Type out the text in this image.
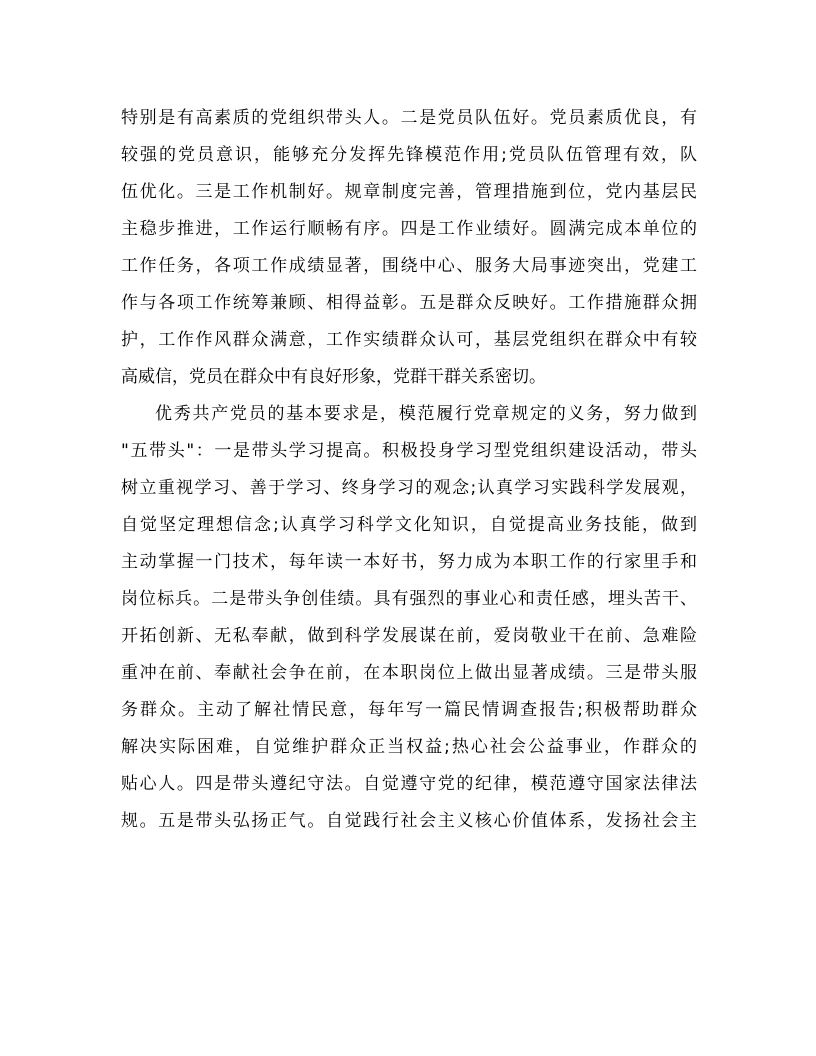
特别是有高素质的党组织带头人。二是党员队伍好。党员素质优良，有
较强的党员意识，能够充分发挥先锋模范作用;党员队伍管理有效，队
伍优化。三是工作机制好。规章制度完善，管理措施到位，党内基层民
主稳步推进，工作运行顺畅有序。四是工作业绩好。圆满完成本单位的
工作任务，各项工作成绩显著，围绕中心、服务大局事迹突出，党建工
作与各项工作统筹兼顾、相得益彰。五是群众反映好。工作措施群众拥
护，工作作风群众满意，工作实绩群众认可，基层党组织在群众中有较
高威信，党员在群众中有良好形象，党群干群关系密切。
优秀共产党员的基本要求是，模范履行党章规定的义务，努力做到
"五带头"：一是带头学习提高。积极投身学习型党组织建设活动，带头
树立重视学习、善于学习、终身学习的观念;认真学习实践科学发展观，
自觉坚定理想信念;认真学习科学文化知识，自觉提高业务技能，做到
主动掌握一门技术，每年读一本好书，努力成为本职工作的行家里手和
岗位标兵。二是带头争创佳绩。具有强烈的事业心和责任感，埋头苦干、
开拓创新、无私奉献，做到科学发展谋在前，爱岗敬业干在前、急难险
重冲在前、奉献社会争在前，在本职岗位上做出显著成绩。三是带头服
务群众。主动了解社情民意，每年写一篇民情调查报告;积极帮助群众
解决实际困难，自觉维护群众正当权益;热心社会公益事业，作群众的
贴心人。四是带头遵纪守法。自觉遵守党的纪律，模范遵守国家法律法
规。五是带头弘扬正气。自觉践行社会主义核心价值体系，发扬社会主
